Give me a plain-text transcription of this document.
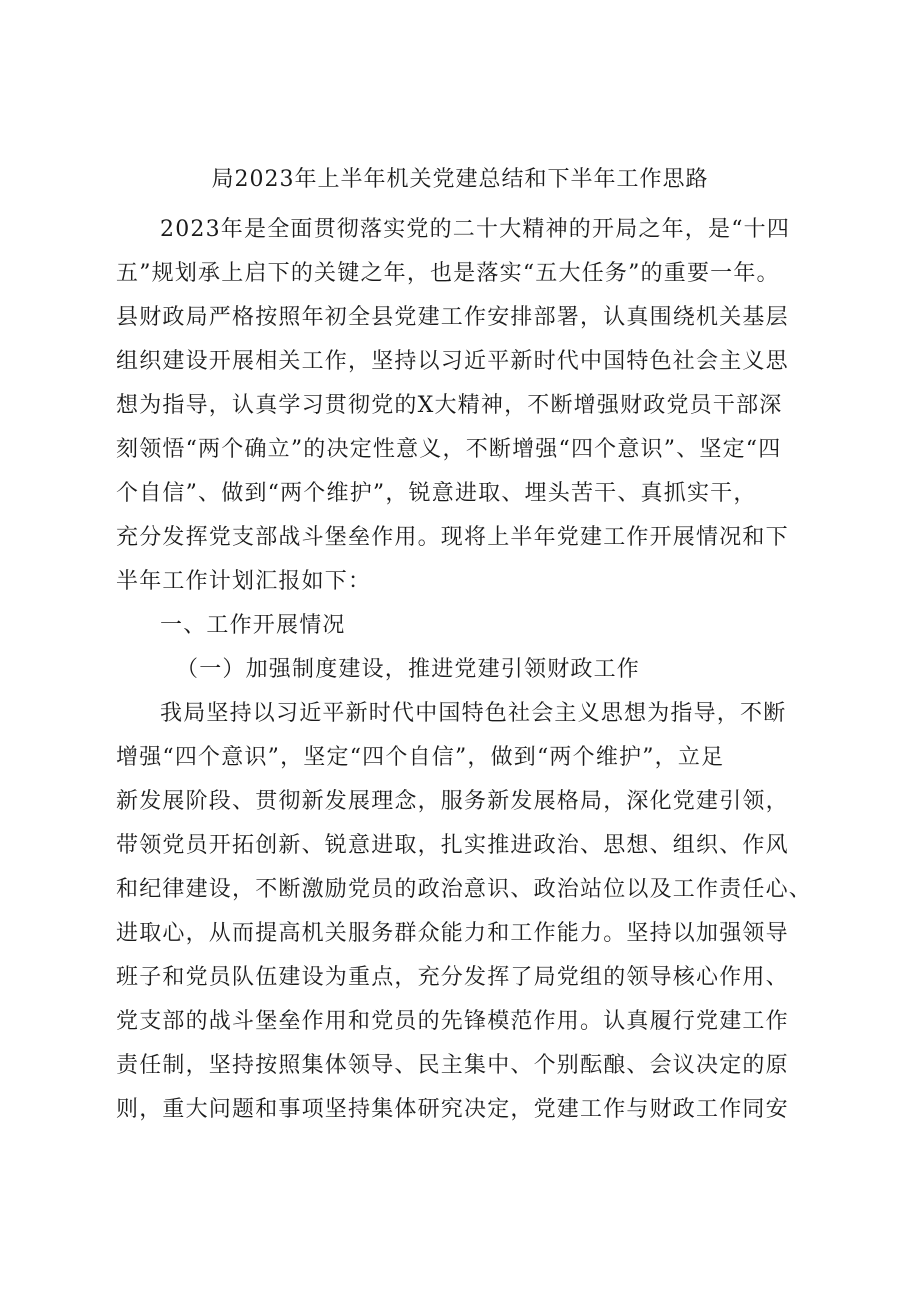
局2023年上半年机关党建总结和下半年工作思路
2023年是全面贯彻落实党的二十大精神的开局之年，是“十四
五”规划承上启下的关键之年，也是落实“五大任务”的重要一年。
县财政局严格按照年初全县党建工作安排部署，认真围绕机关基层
组织建设开展相关工作，坚持以习近平新时代中国特色社会主义思
想为指导，认真学习贯彻党的X大精神，不断增强财政党员干部深
刻领悟“两个确立”的决定性意义，不断增强“四个意识”、坚定“四
个自信”、做到“两个维护”，锐意进取、埋头苦干、真抓实干，
充分发挥党支部战斗堡垒作用。现将上半年党建工作开展情况和下
半年工作计划汇报如下：
一、工作开展情况
（一）加强制度建设，推进党建引领财政工作
我局坚持以习近平新时代中国特色社会主义思想为指导，不断
增强“四个意识”，坚定“四个自信”，做到“两个维护”，立足
新发展阶段、贯彻新发展理念，服务新发展格局，深化党建引领，
带领党员开拓创新、锐意进取，扎实推进政治、思想、组织、作风
和纪律建设，不断激励党员的政治意识、政治站位以及工作责任心、
进取心，从而提高机关服务群众能力和工作能力。坚持以加强领导
班子和党员队伍建设为重点，充分发挥了局党组的领导核心作用、
党支部的战斗堡垒作用和党员的先锋模范作用。认真履行党建工作
责任制，坚持按照集体领导、民主集中、个别酝酿、会议决定的原
则，重大问题和事项坚持集体研究决定，党建工作与财政工作同安
